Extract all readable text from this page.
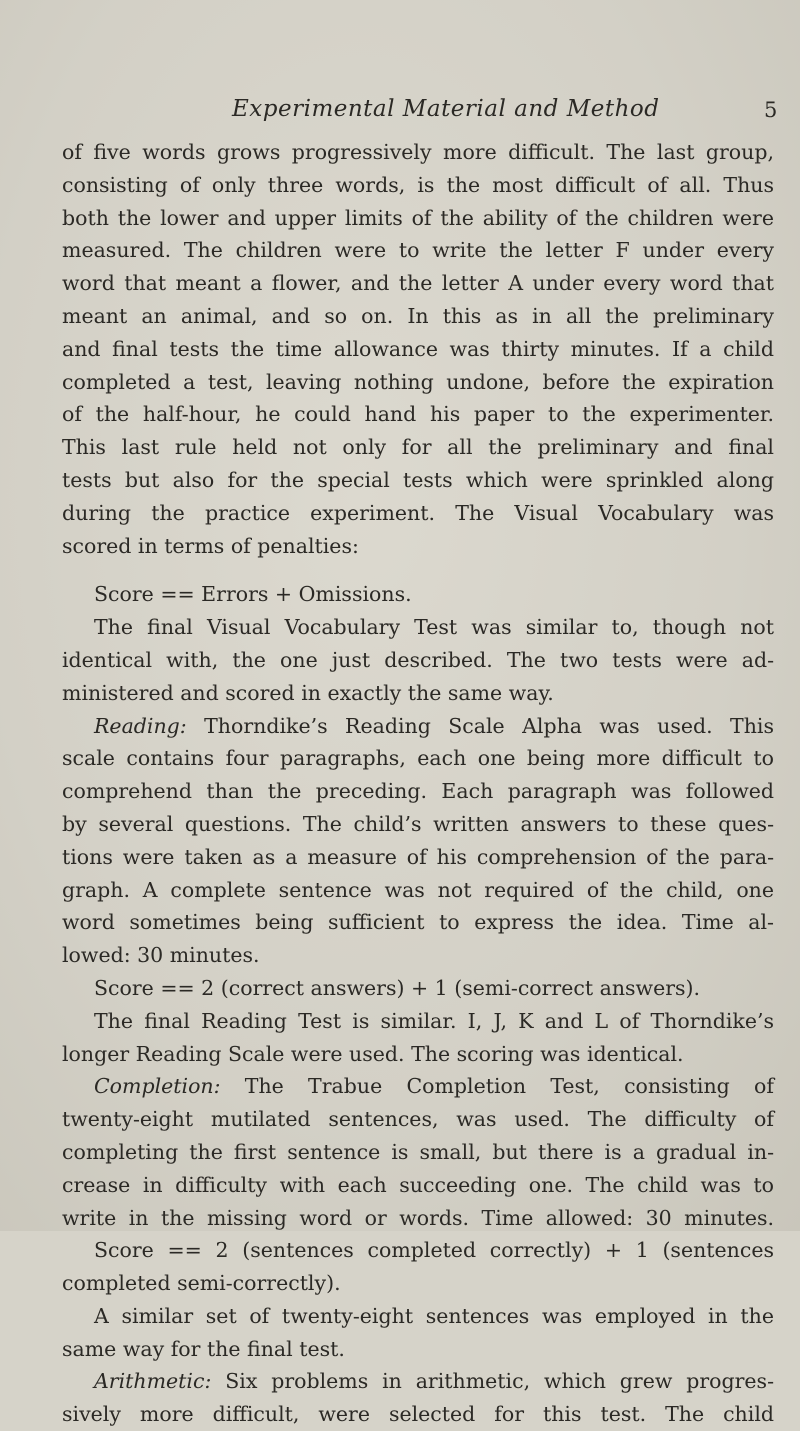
Experimental Material and Method	5
of five words grows progressively more difficult. The last group,
consisting of only three words, is the most difficult of all. Thus
both the lower and upper limits of the ability of the children were
measured. The children were to write the letter F under every
word that meant a flower, and the letter A under every word that
meant an animal, and so on. In this as in all the preliminary
and final tests the time allowance was thirty minutes. If a child
completed a test, leaving nothing undone, before the expiration
of the half-hour, he could hand his paper to the experimenter.
This last rule held not only for all the preliminary and final
tests but also for the special tests which were sprinkled along
during the practice experiment. The Visual Vocabulary was
scored in terms of penalties:
Score == Errors + Omissions.
The final Visual Vocabulary Test was similar to, though not
identical with, the one just described. The two tests were ad-
ministered and scored in exactly the same way.
Reading: Thorndike’s Reading Scale Alpha was used. This
scale contains four paragraphs, each one being more difficult to
comprehend than the preceding. Each paragraph was followed
by several questions. The child’s written answers to these ques-
tions were taken as a measure of his comprehension of the para-
graph. A complete sentence was not required of the child, one
word sometimes being sufficient to express the idea. Time al-
lowed: 30 minutes.
Score == 2 (correct answers) + 1 (semi-correct answers).
The final Reading Test is similar. I, J, K and L of Thorndike’s
longer Reading Scale were used. The scoring was identical.
Completion: The Trabue Completion Test, consisting of
twenty-eight mutilated sentences, was used. The difficulty of
completing the first sentence is small, but there is a gradual in-
crease in difficulty with each succeeding one. The child was to
write in the missing word or words. Time allowed: 30 minutes.
Score == 2 (sentences completed correctly) + 1 (sentences
completed semi-correctly).
A similar set of twenty-eight sentences was employed in the
same way for the final test.
Arithmetic: Six problems in arithmetic, which grew progres-
sively more difficult, were selected for this test. The child
